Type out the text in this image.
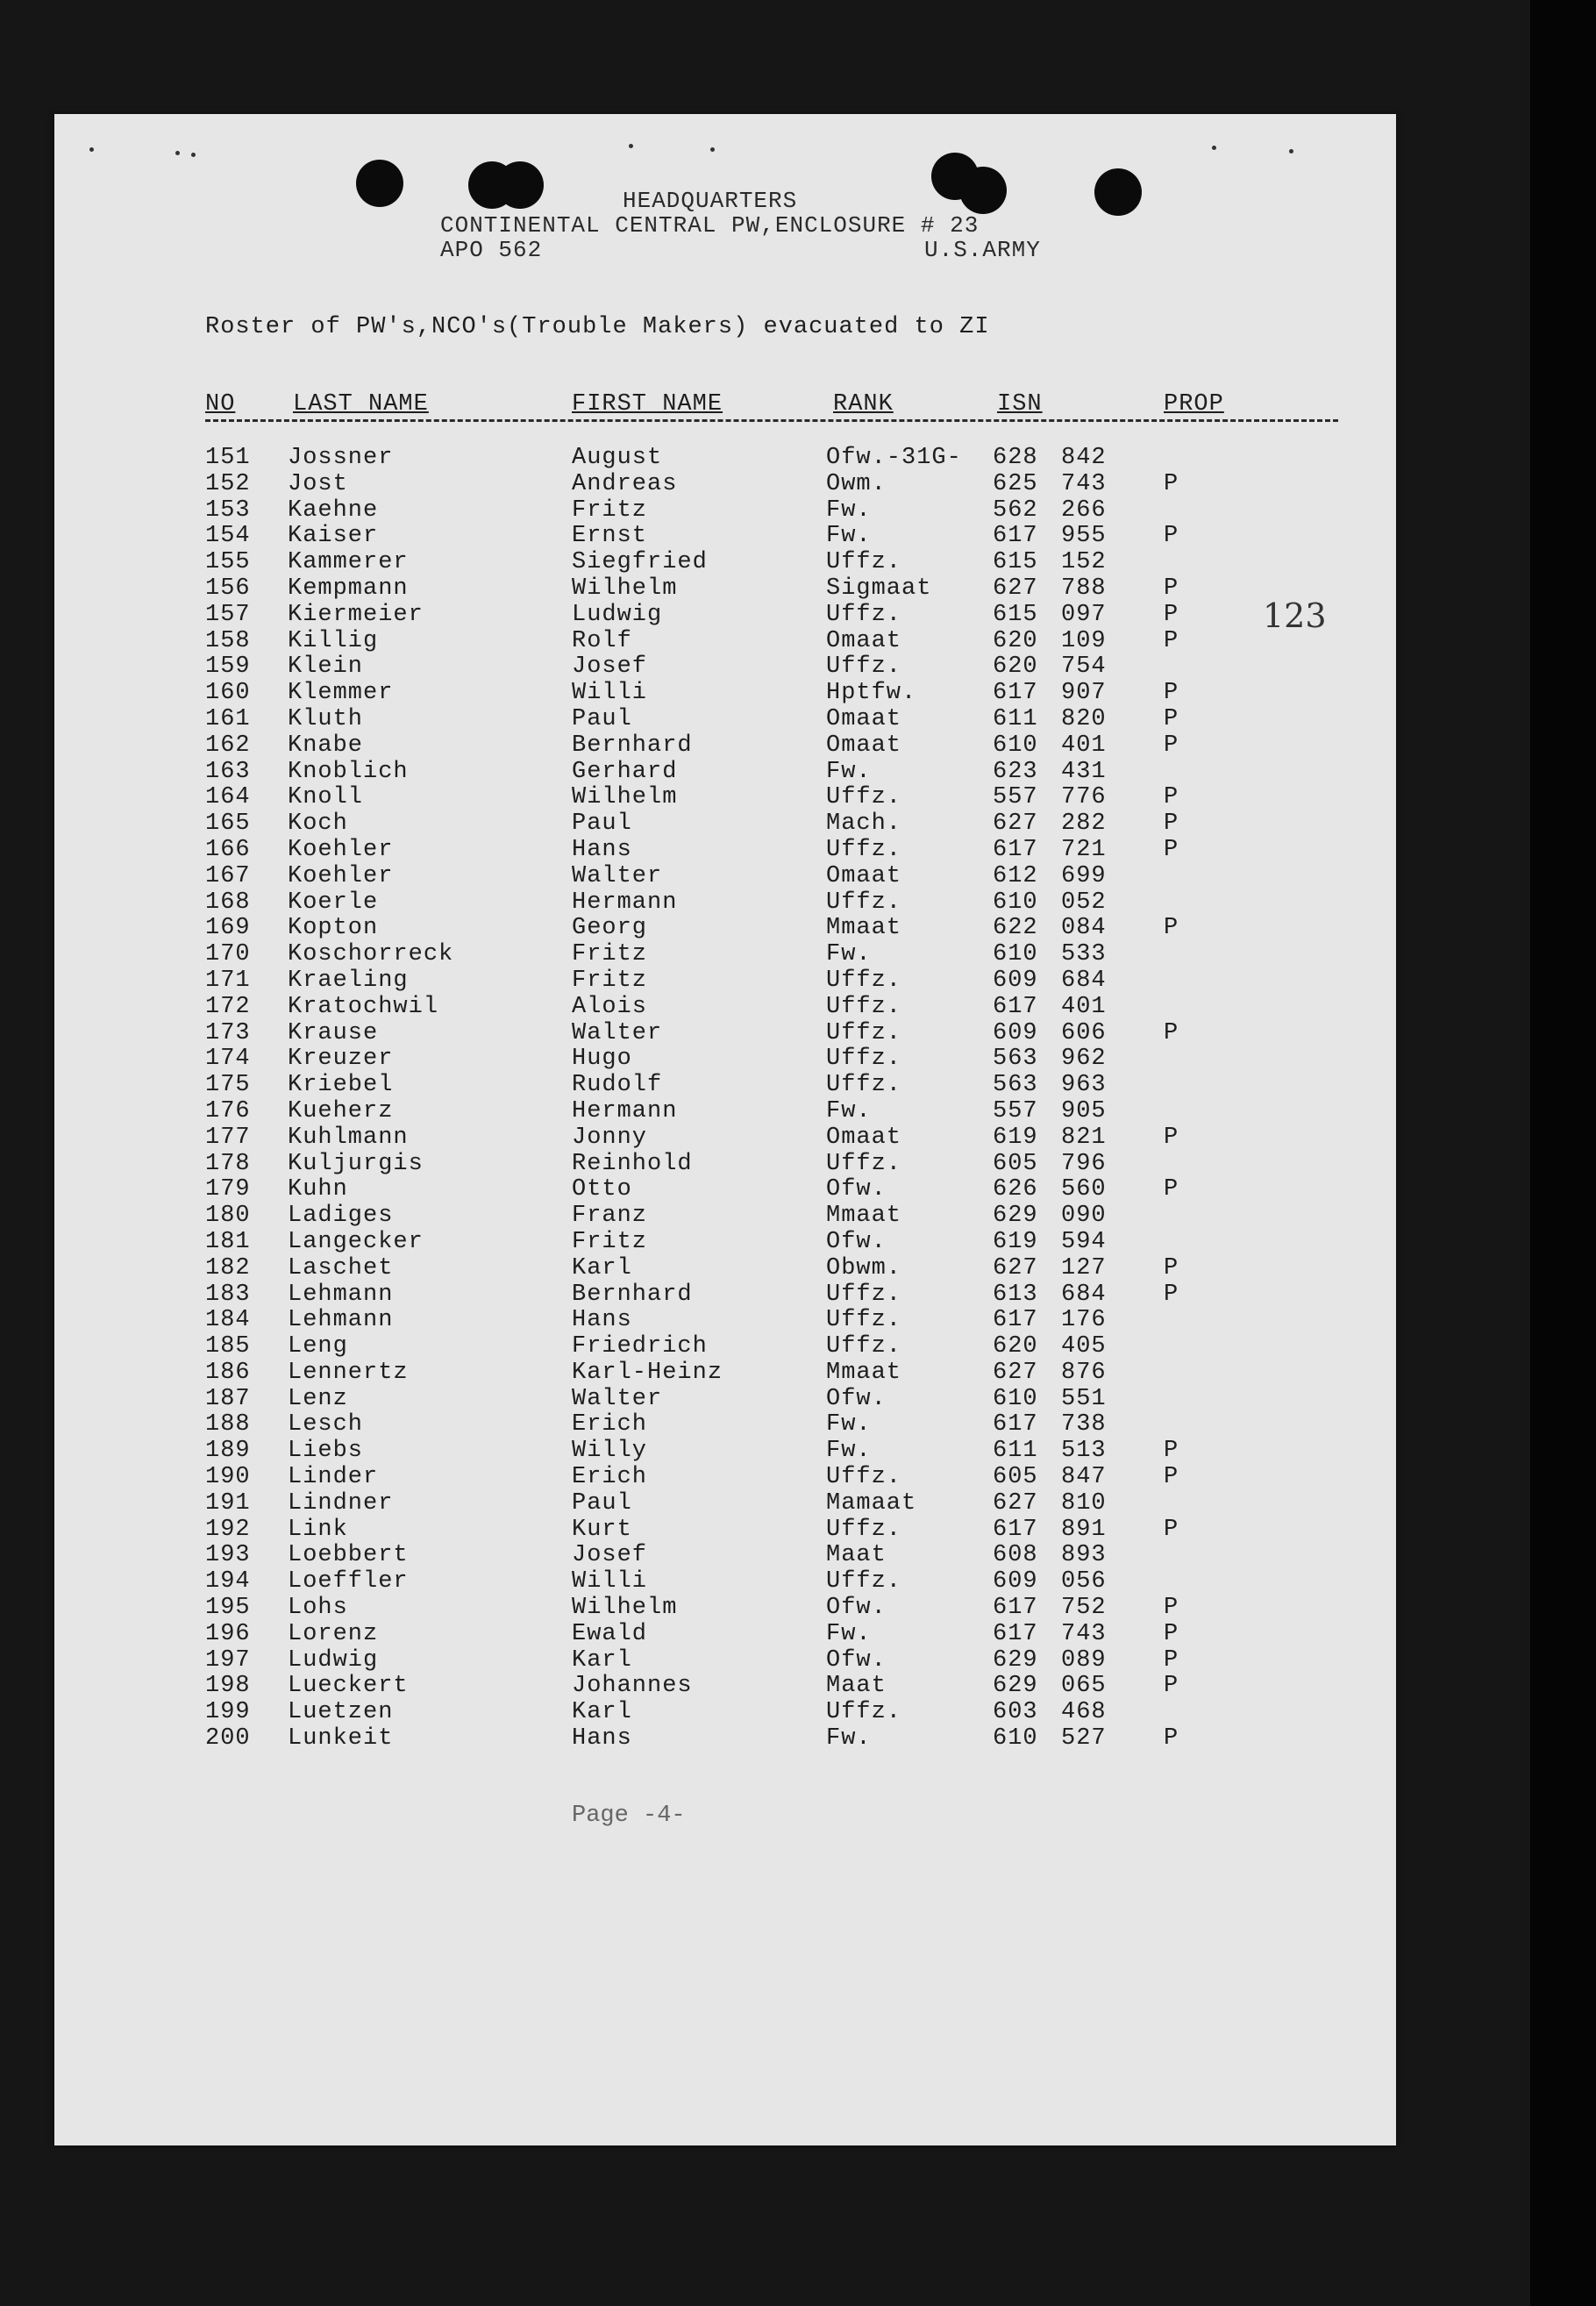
HEADQUARTERS
CONTINENTAL CENTRAL PW,ENCLOSURE # 23
APO 562	U.S.ARMY
Roster of PW's,NCO's(Trouble Makers) evacuated to ZI
NO LAST NAME	FIRST NAME	RANK	ISN	PROP
151 Jossner	August	Ofw.-31G- 628 842
152 Jost	Andreas	Owm.	625 743 P
153 Kaehne	Fritz	Fw.	562 266
154 Kaiser	Ernst	Fw.	617 955 P
155 Kammerer	Siegfried	Uffz.	615 152
156 Kempmann	Wilhelm	Sigmaat	627 788 P
157 Kiermeier	Ludwig	Uffz.	615 097 P
158 Killig	Rolf	Omaat	620 109 P
159 Klein	Josef	Uffz.	620 754
160 Klemmer	Willi	Hptfw.	617 907 P
161 Kluth	Paul	Omaat	611 820 P
162 Knabe	Bernhard	Omaat	610 401 P
163 Knoblich	Gerhard	Fw.	623 431
164 Knoll	Wilhelm	Uffz.	557 776 P
165 Koch	Paul	Mach.	627 282 P
166 Koehler	Hans	Uffz.	617 721 P
167 Koehler	Walter	Omaat	612 699
168 Koerle	Hermann	Uffz.	610 052
169 Kopton	Georg	Mmaat	622 084 P
170 Koschorreck	Fritz	Fw.	610 533
171 Kraeling	Fritz	Uffz.	609 684
172 Kratochwil	Alois	Uffz.	617 401
173 Krause	Walter	Uffz.	609 606 P
174 Kreuzer	Hugo	Uffz.	563 962
175 Kriebel	Rudolf	Uffz.	563 963
176 Kueherz	Hermann	Fw.	557 905
177 Kuhlmann	Jonny	Omaat	619 821 P
178 Kuljurgis	Reinhold	Uffz.	605 796
179 Kuhn	Otto	Ofw.	626 560 P
180 Ladiges	Franz	Mmaat	629 090
181 Langecker	Fritz	Ofw.	619 594
182 Laschet	Karl	Obwm.	627 127 P
183 Lehmann	Bernhard	Uffz.	613 684 P
184 Lehmann	Hans	Uffz.	617 176
185 Leng	Friedrich	Uffz.	620 405
186 Lennertz	Karl-Heinz	Mmaat	627 876
187 Lenz	Walter	Ofw.	610 551
188 Lesch	Erich	Fw.	617 738
189 Liebs	Willy	Fw.	611 513 P
190 Linder	Erich	Uffz.	605 847 P
191 Lindner	Paul	Mamaat	627 810
192 Link	Kurt	Uffz.	617 891 P
193 Loebbert	Josef	Maat	608 893
194 Loeffler	Willi	Uffz.	609 056
195 Lohs	Wilhelm	Ofw.	617 752 P
196 Lorenz	Ewald	Fw.	617 743 P
197 Ludwig	Karl	Ofw.	629 089 P
198 Lueckert	Johannes	Maat	629 065 P
199 Luetzen	Karl	Uffz.	603 468
200 Lunkeit	Hans	Fw.	610 527 P
123
Page -4-
